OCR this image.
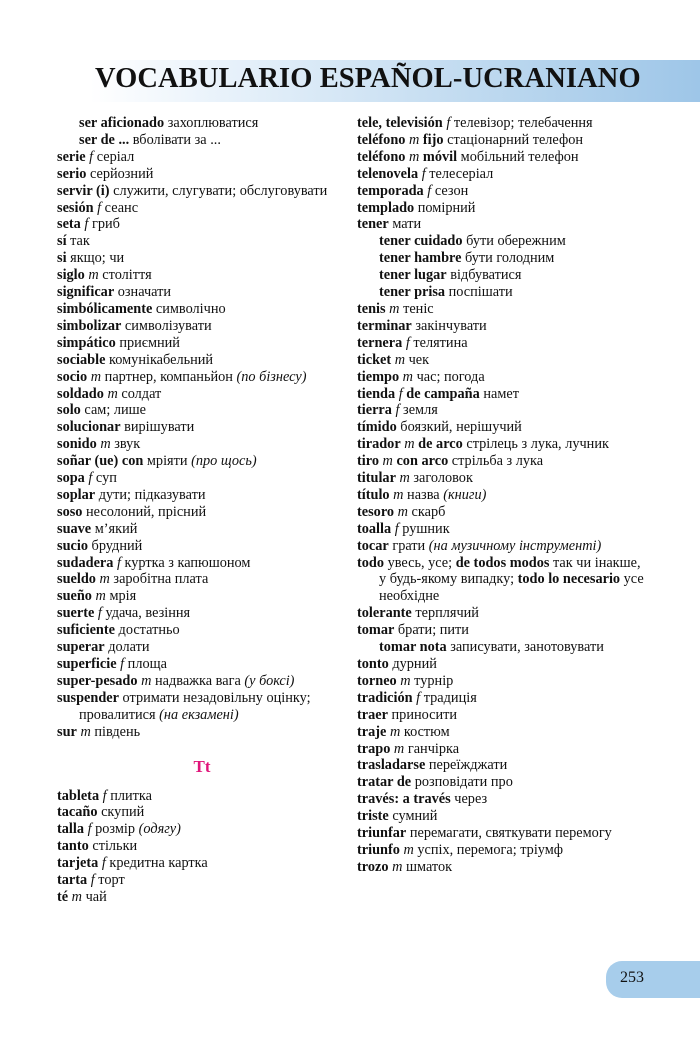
VOCABULARIO ESPAÑOL-UCRANIANO

ser aficionado захоплюватися

ser de ... вболівати за ...

serie f серіал

serio серйозний

servir (i) служити, слугувати; обслуговувати

sesión f сеанс

seta f гриб

sí так

si якщо; чи

siglo m століття

significar означати

simbólicamente символічно

simbolizar символізувати

simpático приємний

sociable комунікабельний

socio m партнер, компаньйон (по бізнесу)

soldado m солдат

solo сам; лише

solucionar вирішувати

sonido m звук

soñar (ue) con мріяти (про щось)

sopa f суп

soplar дути; підказувати

soso несолоний, прісний

suave м’який

sucio брудний

sudadera f куртка з капюшоном

sueldo m заробітна плата

sueño m мрія

suerte f удача, везіння

suficiente достатньо

superar долати

superficie f площа

super-pesado m надважка вага (у боксі)

suspender отримати незадовільну оцінку; провалитися (на екзамені)

sur m південь

Tt

tableta f плитка

tacaño скупий

talla f розмір (одягу)

tanto стільки

tarjeta f кредитна картка

tarta f торт

té m чай

tele, televisión f телевізор; телебачення

teléfono m fijo стаціонарний телефон

teléfono m móvil мобільний телефон

telenovela f телесеріал

temporada f сезон

templado помірний

tener мати

tener cuidado бути обережним

tener hambre бути голодним

tener lugar відбуватися

tener prisa поспішати

tenis m теніс

terminar закінчувати

ternera f телятина

ticket m чек

tiempo m час; погода

tienda f de campaña намет

tierra f земля

tímido боязкий, нерішучий

tirador m de arco стрілець з лука, лучник

tiro m con arco стрільба з лука

titular m заголовок

título m назва (книги)

tesoro m скарб

toalla f рушник

tocar грати (на музичному інструменті)

todo увесь, усе; de todos modos так чи інакше, у будь-якому випадку; todo lo necesario усе необхідне

tolerante терплячий

tomar брати; пити

tomar nota записувати, занотовувати

tonto дурний

torneo m турнір

tradición f традиція

traer приносити

traje m костюм

trapo m ганчірка

trasladarse переїжджати

tratar de розповідати про

través: a través через

triste сумний

triunfar перемагати, святкувати перемогу

triunfo m успіх, перемога; тріумф

trozo m шматок

253
